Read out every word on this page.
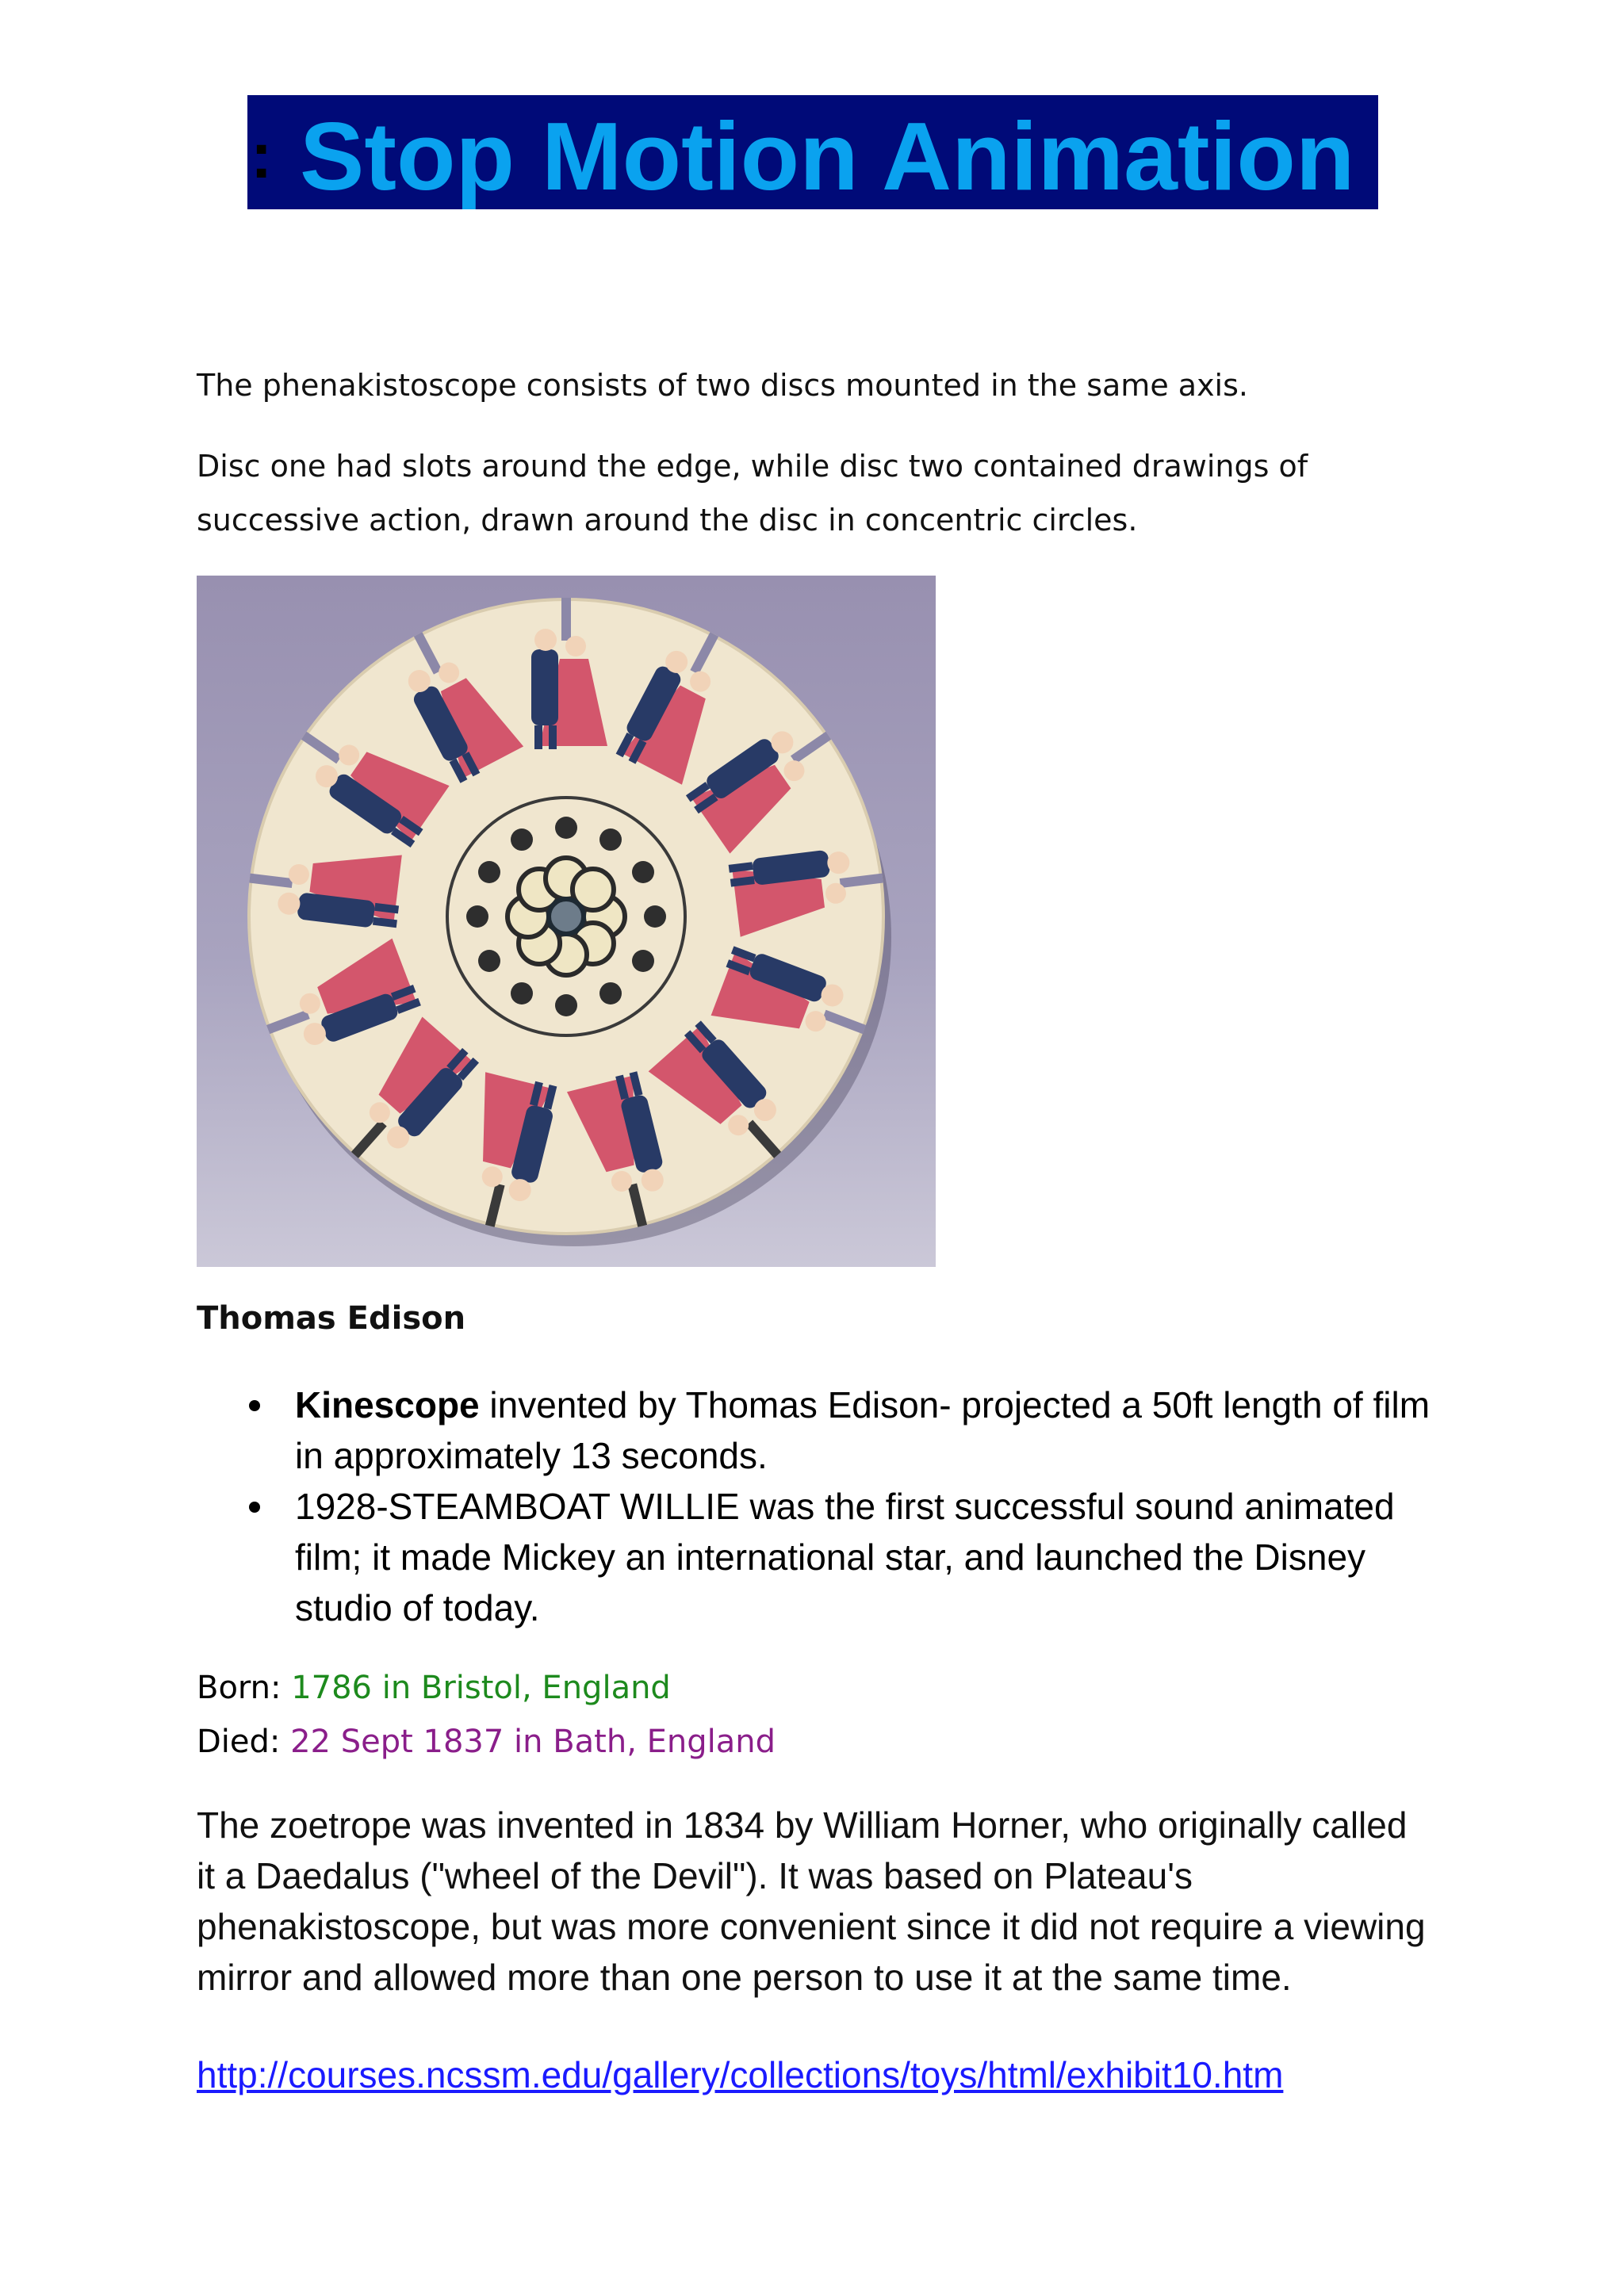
: Stop Motion Animation

The phenakistoscope consists of two discs mounted in the same axis.

Disc one had slots around the edge, while disc two contained drawings of successive action, drawn around the disc in concentric circles.

Thomas Edison
Kinescope invented by Thomas Edison- projected a 50ft length of film in approximately 13 seconds.
1928-STEAMBOAT WILLIE was the first successful sound animated film; it made Mickey an international star, and launched the Disney studio of today.

Born: 1786 in Bristol, England

Died: 22 Sept 1837 in Bath, England

The zoetrope was invented in 1834 by William Horner, who originally called it a Daedalus ("wheel of the Devil"). It was based on Plateau's phenakistoscope, but was more convenient since it did not require a viewing mirror and allowed more than one person to use it at the same time.

http://courses.ncssm.edu/gallery/collections/toys/html/exhibit10.htm
